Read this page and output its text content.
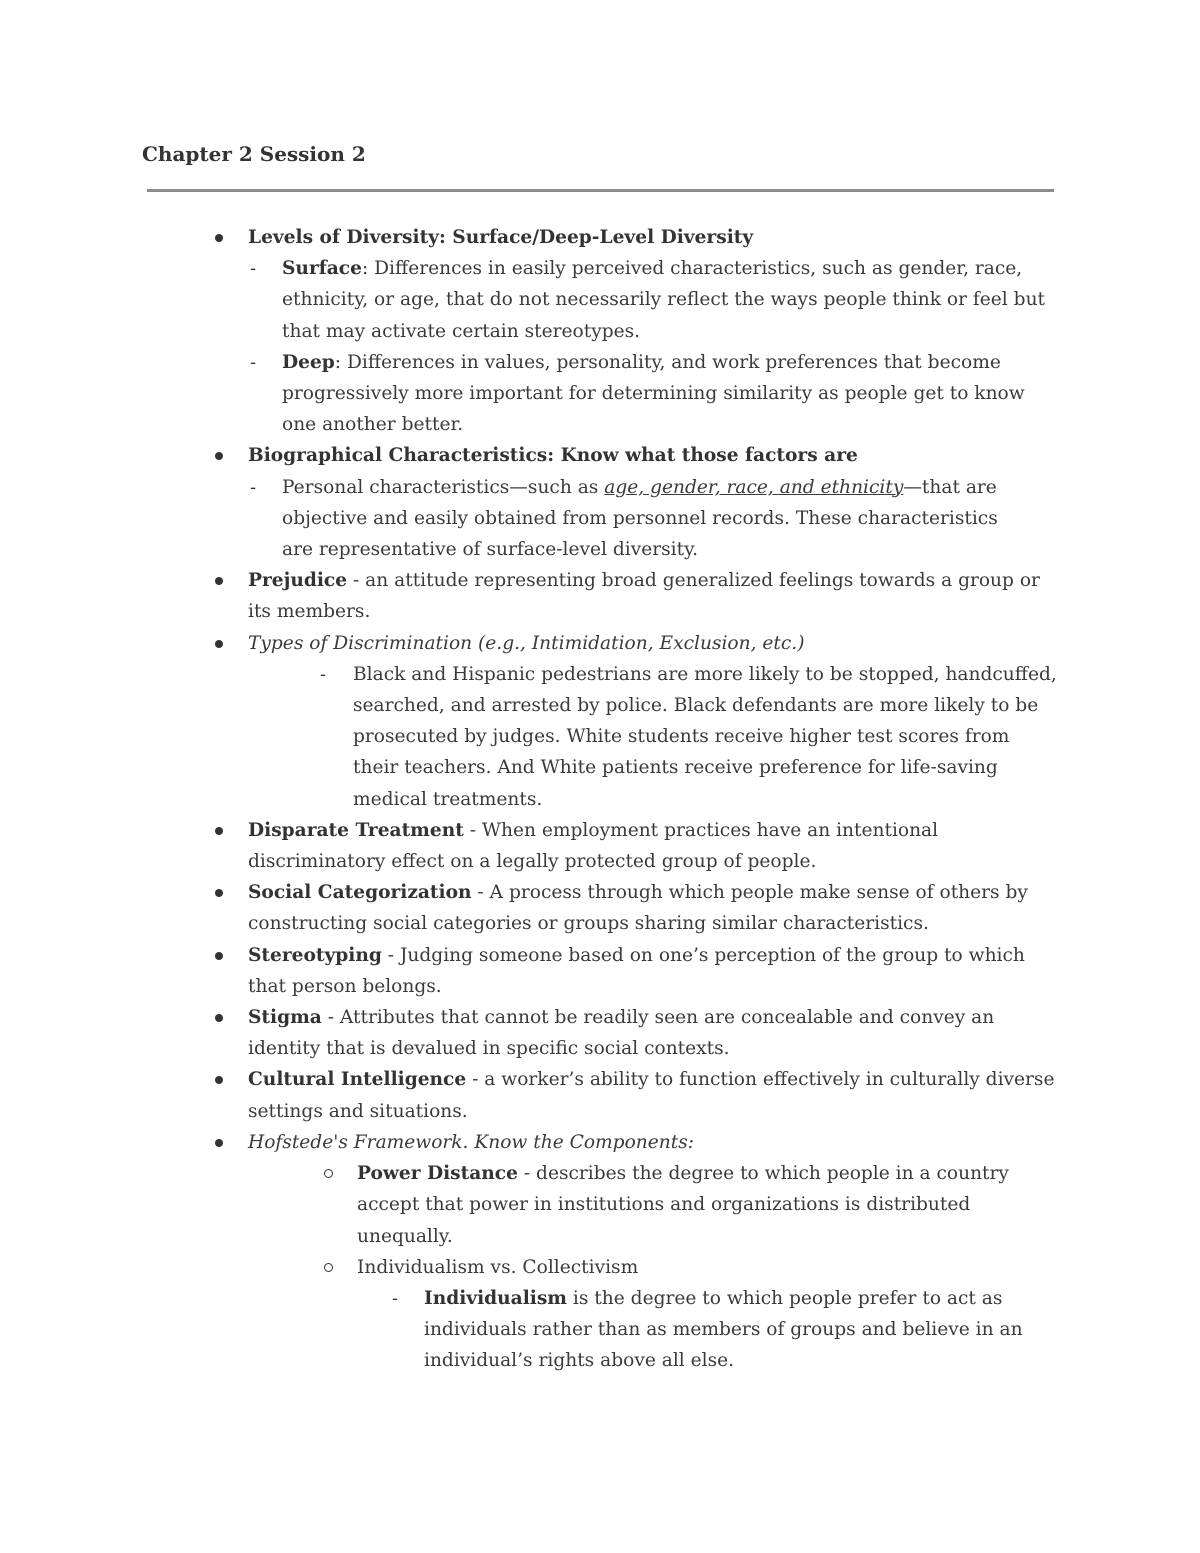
Chapter 2 Session 2
Levels of Diversity: Surface/Deep-Level Diversity
- Surface: Differences in easily perceived characteristics, such as gender, race, ethnicity, or age, that do not necessarily reflect the ways people think or feel but that may activate certain stereotypes.
- Deep: Differences in values, personality, and work preferences that become progressively more important for determining similarity as people get to know one another better.
Biographical Characteristics: Know what those factors are
- Personal characteristics—such as age, gender, race, and ethnicity—that are objective and easily obtained from personnel records. These characteristics are representative of surface-level diversity.
Prejudice - an attitude representing broad generalized feelings towards a group or its members.
Types of Discrimination (e.g., Intimidation, Exclusion, etc.)
- Black and Hispanic pedestrians are more likely to be stopped, handcuffed, searched, and arrested by police. Black defendants are more likely to be prosecuted by judges. White students receive higher test scores from their teachers. And White patients receive preference for life-saving medical treatments.
Disparate Treatment - When employment practices have an intentional discriminatory effect on a legally protected group of people.
Social Categorization - A process through which people make sense of others by constructing social categories or groups sharing similar characteristics.
Stereotyping - Judging someone based on one’s perception of the group to which that person belongs.
Stigma - Attributes that cannot be readily seen are concealable and convey an identity that is devalued in specific social contexts.
Cultural Intelligence - a worker’s ability to function effectively in culturally diverse settings and situations.
Hofstede's Framework. Know the Components:
Power Distance - describes the degree to which people in a country accept that power in institutions and organizations is distributed unequally.
Individualism vs. Collectivism
- Individualism is the degree to which people prefer to act as individuals rather than as members of groups and believe in an individual’s rights above all else.
